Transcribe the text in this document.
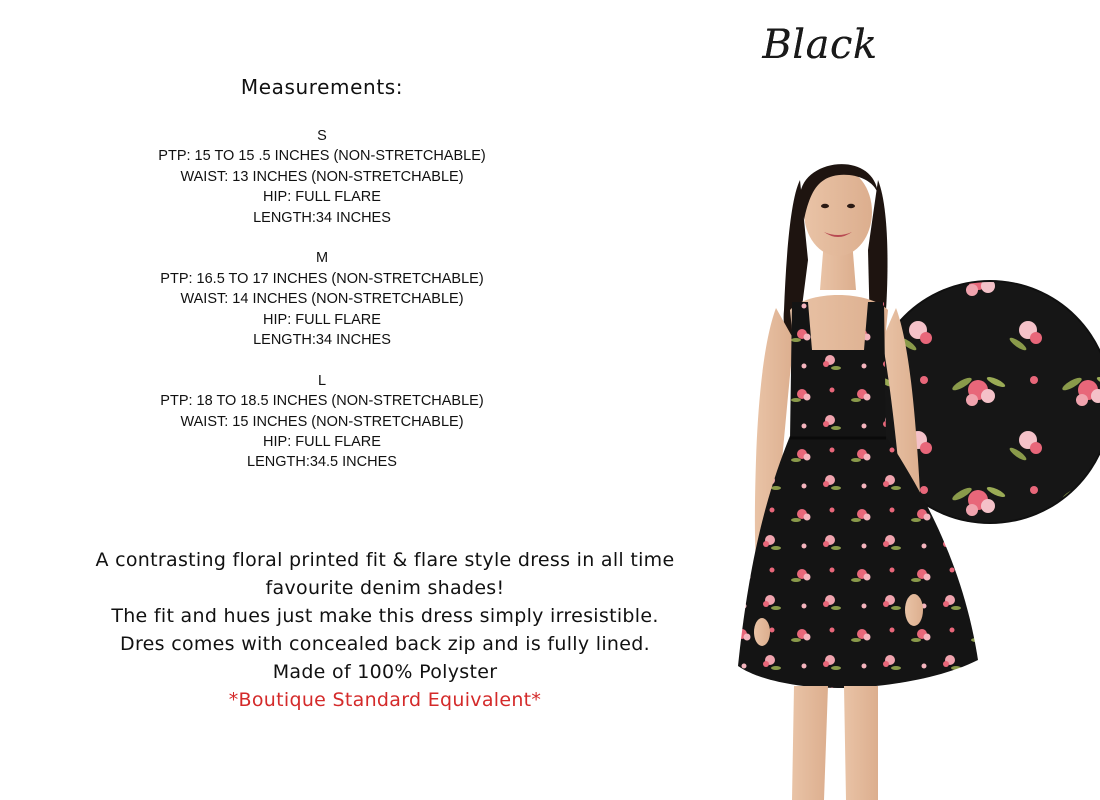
Black
Measurements:
S
PTP: 15 TO 15 .5 INCHES (NON-STRETCHABLE)
WAIST: 13 INCHES (NON-STRETCHABLE)
HIP: FULL FLARE
LENGTH:34 INCHES
M
PTP: 16.5 TO 17 INCHES (NON-STRETCHABLE)
WAIST: 14 INCHES (NON-STRETCHABLE)
HIP: FULL FLARE
LENGTH:34 INCHES
L
PTP: 18 TO 18.5 INCHES (NON-STRETCHABLE)
WAIST: 15 INCHES (NON-STRETCHABLE)
HIP: FULL FLARE
LENGTH:34.5 INCHES
A contrasting floral printed fit & flare style dress in all time
favourite denim shades!
The fit and hues just make this dress simply irresistible.
Dres comes with concealed back zip and is fully lined.
Made of 100% Polyster
*Boutique Standard Equivalent*
